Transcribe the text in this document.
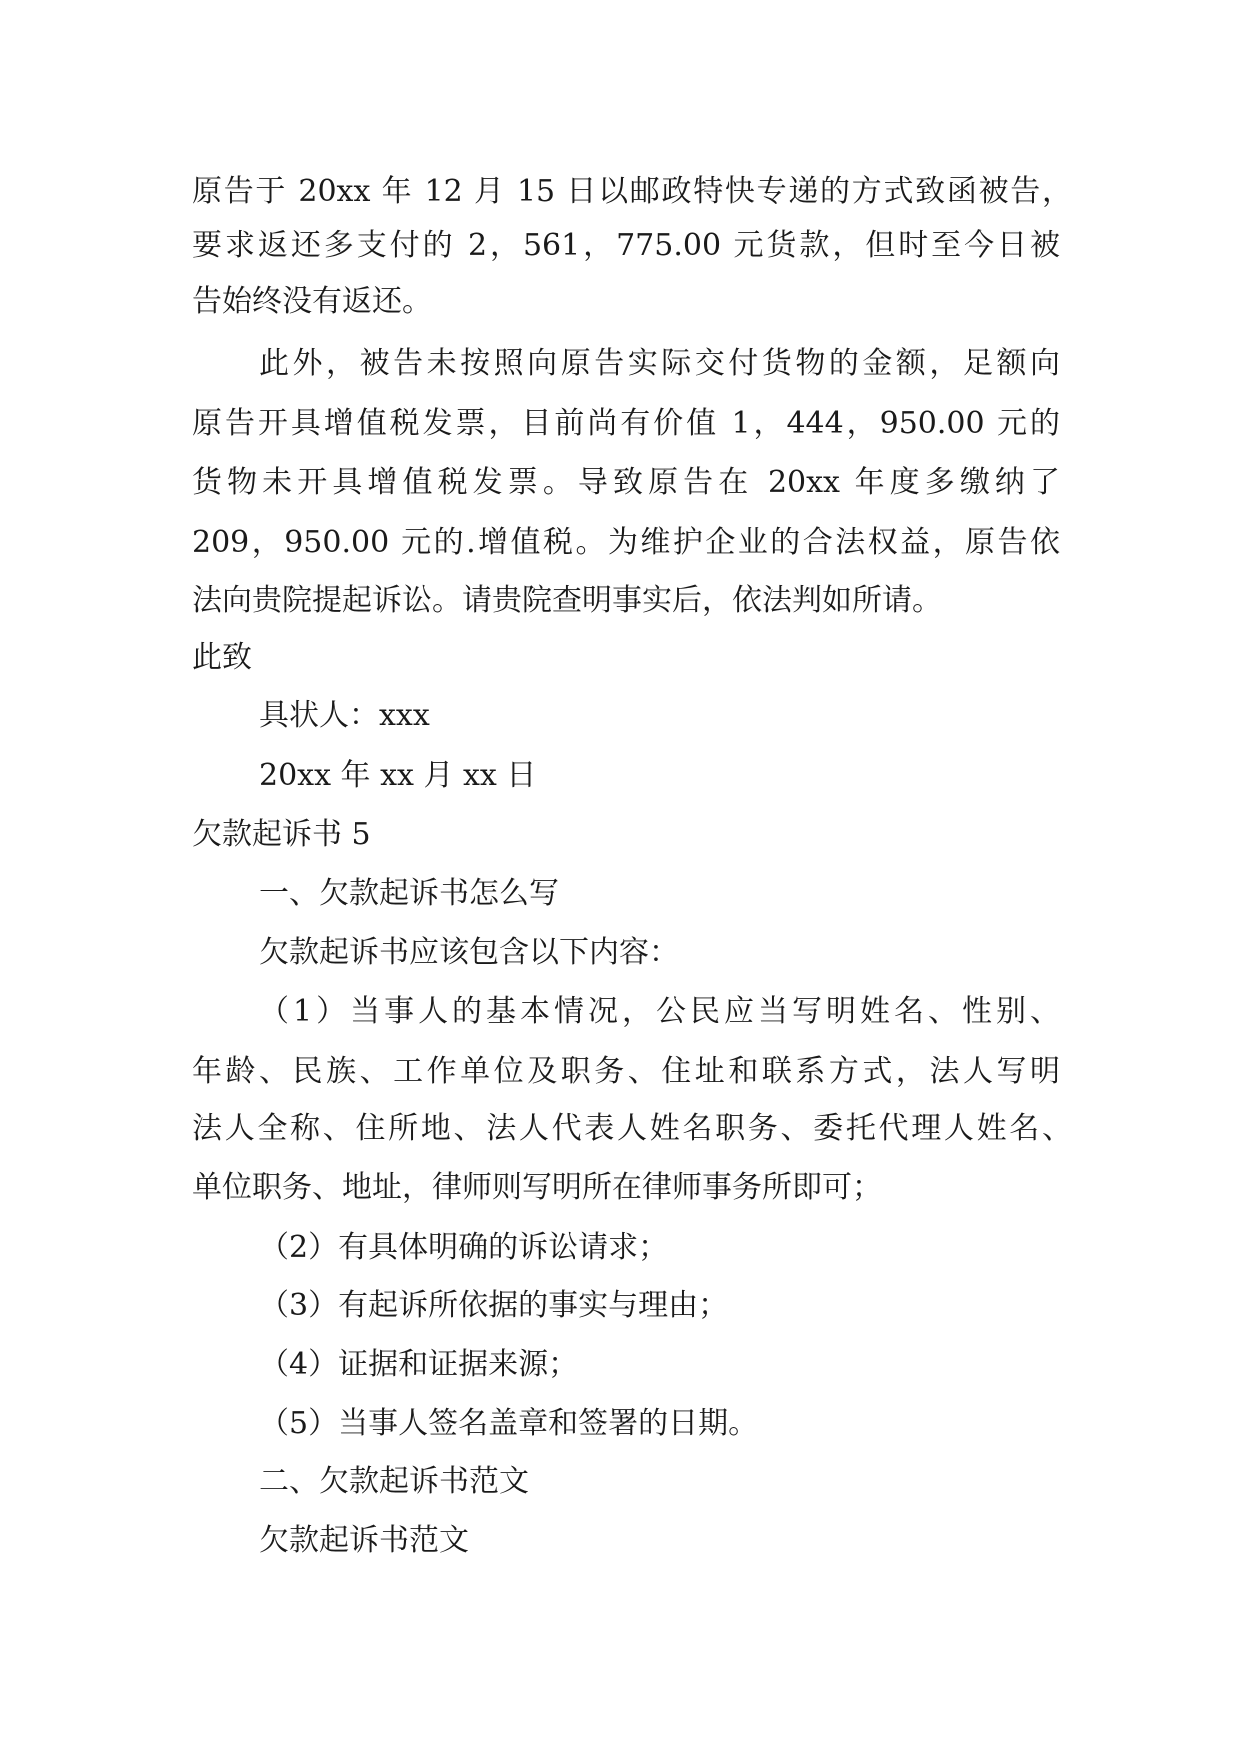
原告于 20xx 年 12 月 15 日以邮政特快专递的方式致函被告，
要求返还多支付的 2，561，775.00 元货款，但时至今日被
告始终没有返还。
此外，被告未按照向原告实际交付货物的金额，足额向
原告开具增值税发票，目前尚有价值 1，444，950.00 元的
货物未开具增值税发票。导致原告在 20xx 年度多缴纳了
209，950.00 元的.增值税。为维护企业的合法权益，原告依
法向贵院提起诉讼。请贵院查明事实后，依法判如所请。
此致
具状人：xxx
20xx 年 xx 月 xx 日
欠款起诉书 5
一、欠款起诉书怎么写
欠款起诉书应该包含以下内容：
（1）当事人的基本情况，公民应当写明姓名、性别、
年龄、民族、工作单位及职务、住址和联系方式，法人写明
法人全称、住所地、法人代表人姓名职务、委托代理人姓名、
单位职务、地址，律师则写明所在律师事务所即可；
（2）有具体明确的诉讼请求；
（3）有起诉所依据的事实与理由；
（4）证据和证据来源；
（5）当事人签名盖章和签署的日期。
二、欠款起诉书范文
欠款起诉书范文
